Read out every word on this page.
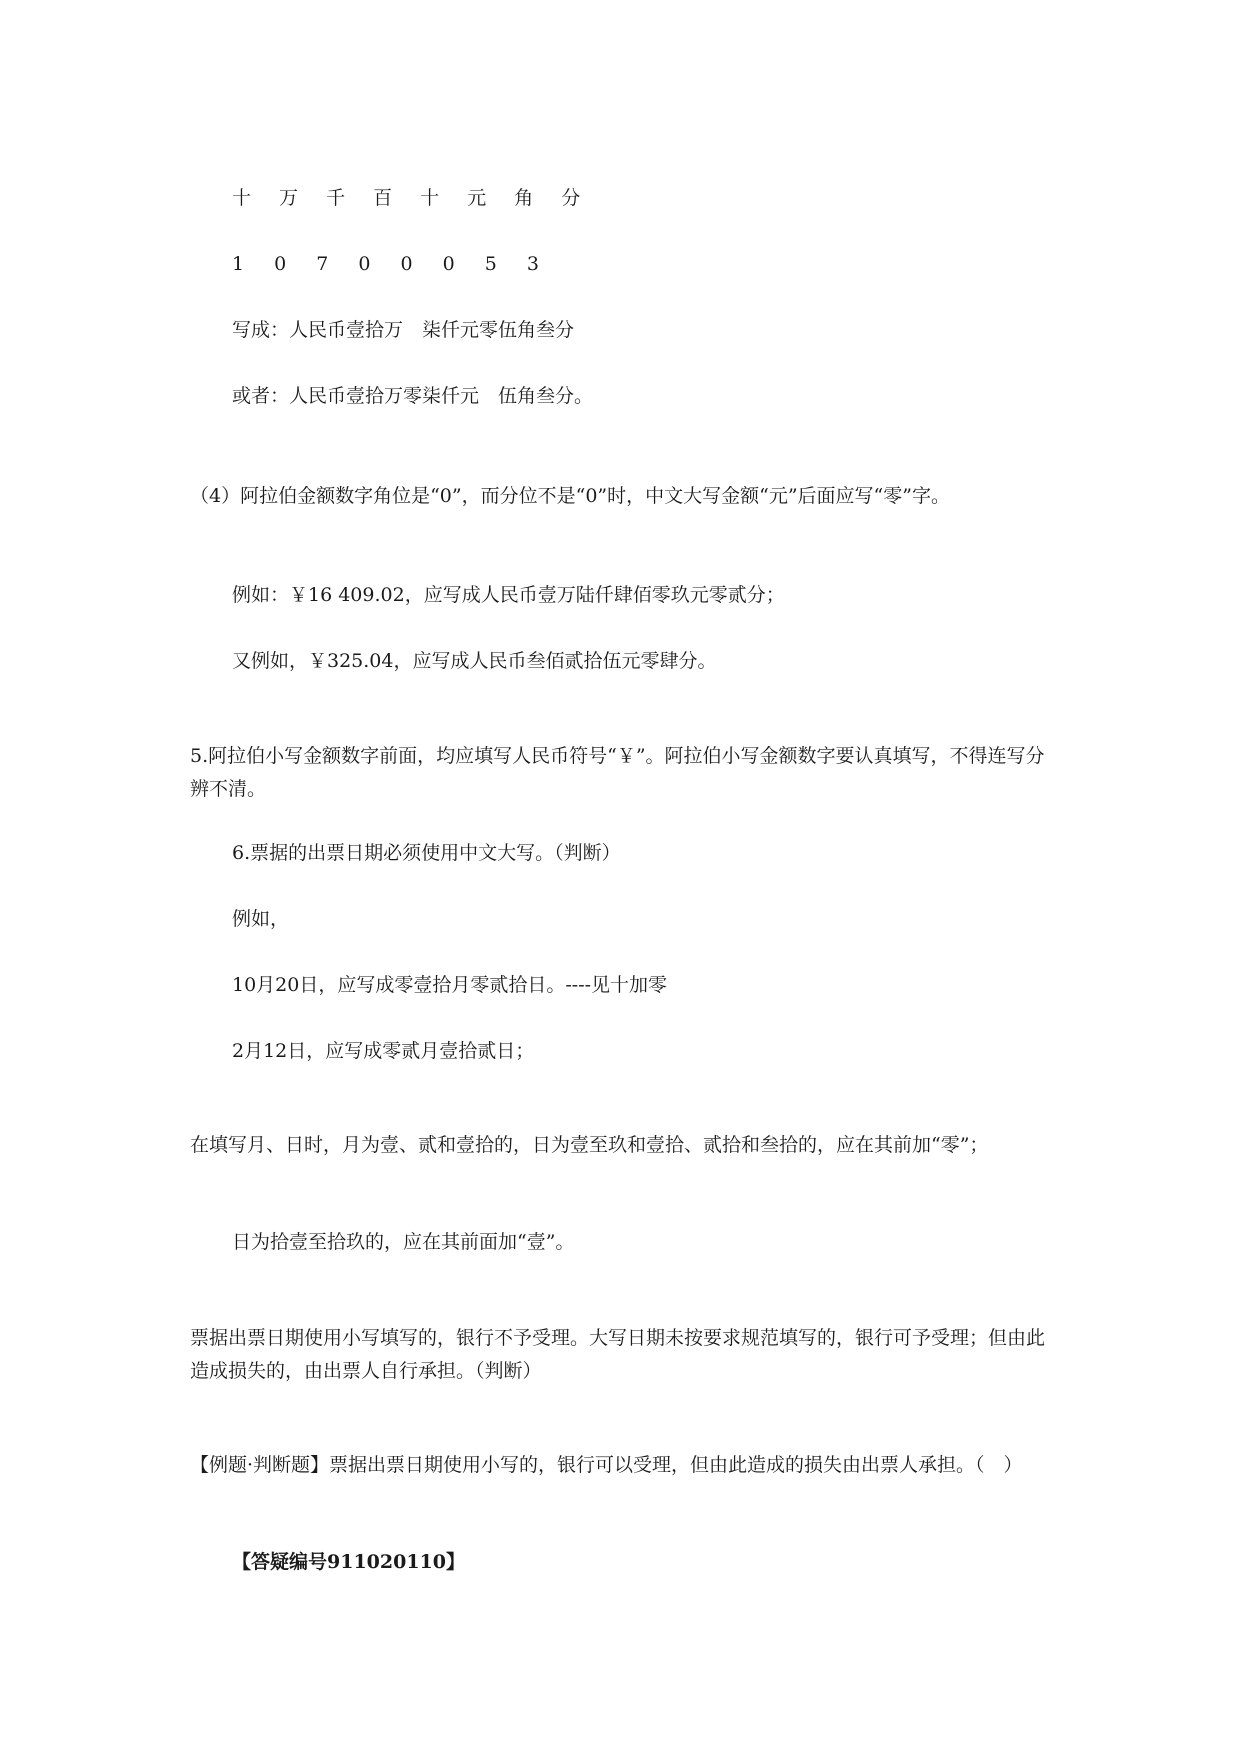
十 万 千 百 十 元 角 分
1 0 7 0 0 0 5 3
写成：人民币壹拾万　柒仟元零伍角叁分
或者：人民币壹拾万零柒仟元　伍角叁分。
（4）阿拉伯金额数字角位是“0”，而分位不是“0”时，中文大写金额“元”后面应写“零”字。
例如：￥16 409.02，应写成人民币壹万陆仟肆佰零玖元零贰分；
又例如，￥325.04，应写成人民币叁佰贰拾伍元零肆分。
5.阿拉伯小写金额数字前面，均应填写人民币符号“￥”。阿拉伯小写金额数字要认真填写，不得连写分辨不清。
6.票据的出票日期必须使用中文大写。（判断）
例如，
10月20日，应写成零壹拾月零贰拾日。----见十加零
2月12日，应写成零贰月壹拾贰日；
在填写月、日时，月为壹、贰和壹拾的，日为壹至玖和壹拾、贰拾和叁拾的，应在其前加“零”；
日为拾壹至拾玖的，应在其前面加“壹”。
票据出票日期使用小写填写的，银行不予受理。大写日期未按要求规范填写的，银行可予受理；但由此造成损失的，由出票人自行承担。（判断）
【例题·判断题】票据出票日期使用小写的，银行可以受理，但由此造成的损失由出票人承担。（　）
【答疑编号911020110】
